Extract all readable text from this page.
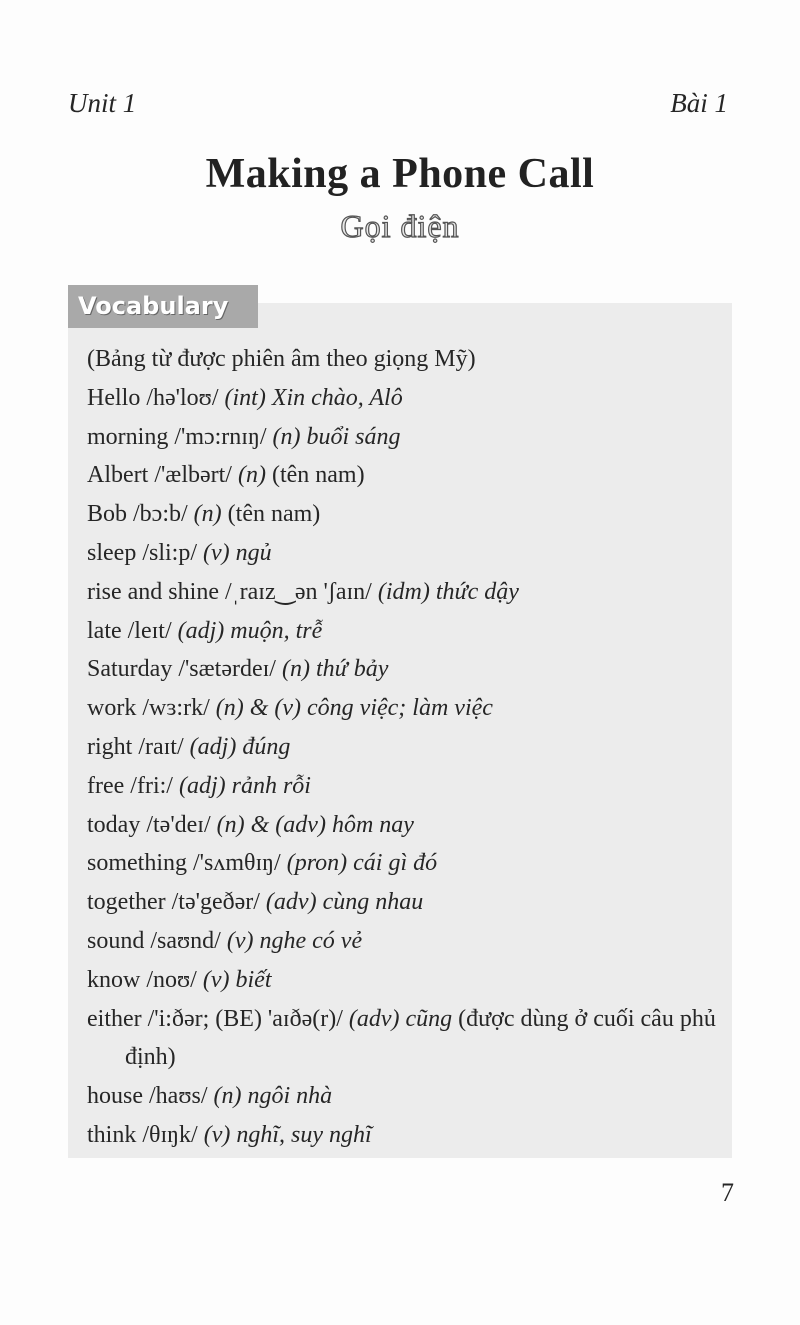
Unit 1	Bài 1
Making a Phone Call
Gọi điện
Vocabulary
(Bảng từ được phiên âm theo giọng Mỹ)
Hello /hə'loʊ/ (int) Xin chào, Alô
morning /'mɔ:rnɪŋ/ (n) buổi sáng
Albert /'ælbərt/ (n) (tên nam)
Bob /bɔ:b/ (n) (tên nam)
sleep /sli:p/ (v) ngủ
rise and shine /ˌraɪz‿ən 'ʃaɪn/ (idm) thức dậy
late /leɪt/ (adj) muộn, trễ
Saturday /'sætərdeɪ/ (n) thứ bảy
work /wɜ:rk/ (n) & (v) công việc; làm việc
right /raɪt/ (adj) đúng
free /fri:/ (adj) rảnh rỗi
today /tə'deɪ/ (n) & (adv) hôm nay
something /'sʌmθɪŋ/ (pron) cái gì đó
together /tə'geðər/ (adv) cùng nhau
sound /saʊnd/ (v) nghe có vẻ
know /noʊ/ (v) biết
either /'i:ðər; (BE) 'aɪðə(r)/ (adv) cũng (được dùng ở cuối câu phủ định)
house /haʊs/ (n) ngôi nhà
think /θɪŋk/ (v) nghĩ, suy nghĩ
7
